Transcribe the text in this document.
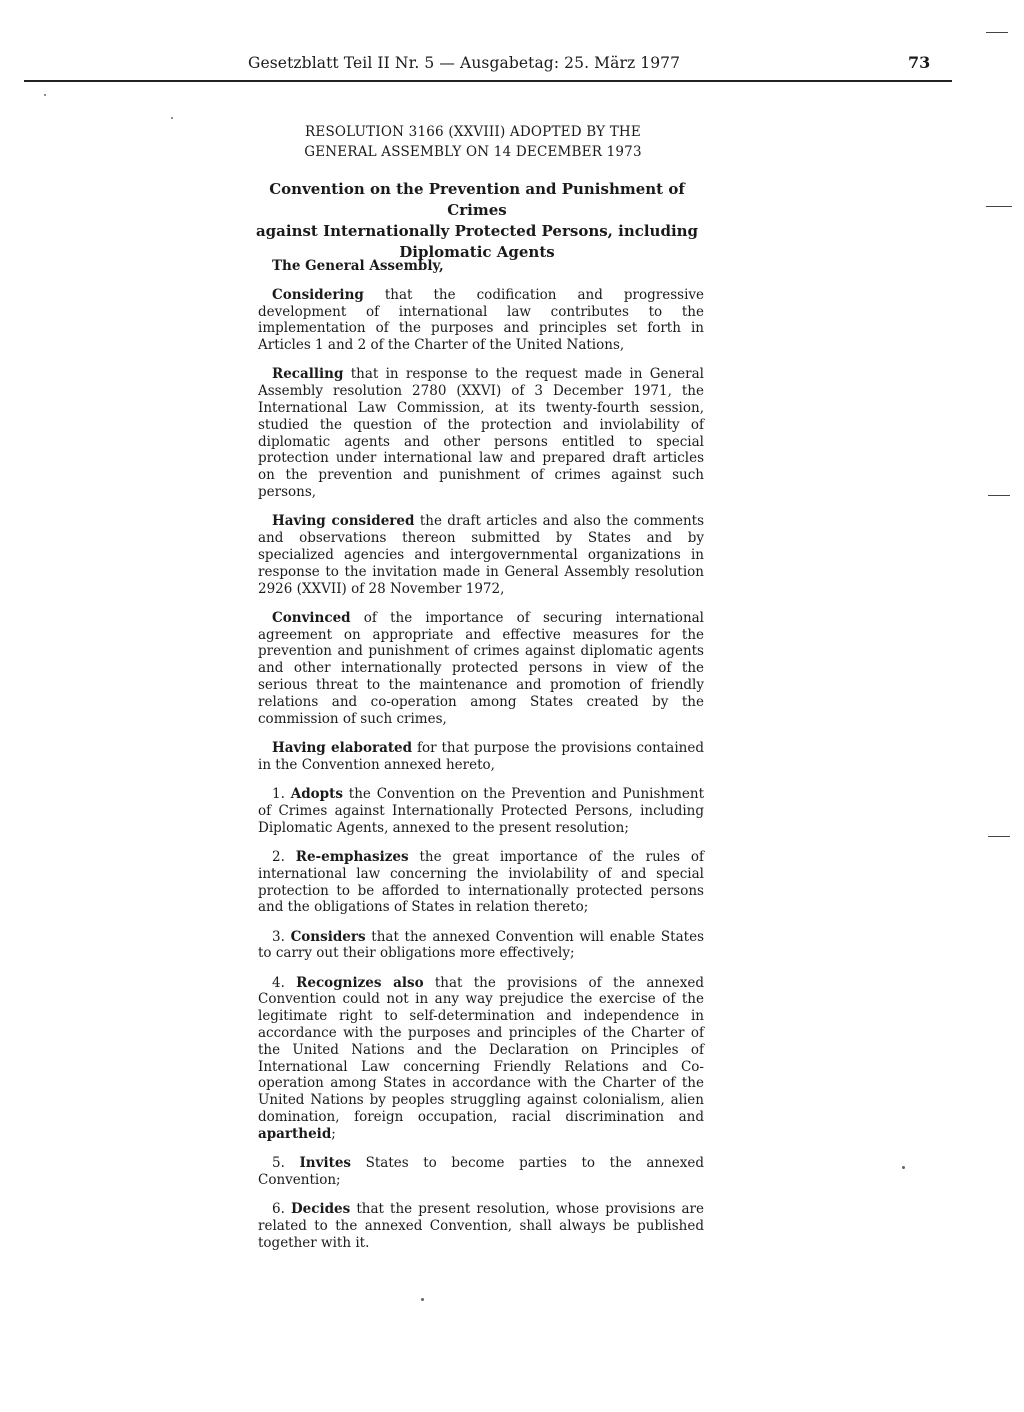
Gesetzblatt Teil II Nr. 5 — Ausgabetag: 25. März 1977	73
RESOLUTION 3166 (XXVIII) ADOPTED BY THE
GENERAL ASSEMBLY ON 14 DECEMBER 1973
Convention on the Prevention and Punishment of Crimes
against Internationally Protected Persons, including
Diplomatic Agents

The General Assembly,

Considering that the codification and progressive development of international law contributes to the implementation of the purposes and principles set forth in Articles 1 and 2 of the Charter of the United Nations,

Recalling that in response to the request made in General Assembly resolution 2780 (XXVI) of 3 December 1971, the International Law Commission, at its twenty-fourth session, studied the question of the protection and inviolability of diplomatic agents and other persons entitled to special protection under international law and prepared draft articles on the prevention and punishment of crimes against such persons,

Having considered the draft articles and also the comments and observations thereon submitted by States and by specialized agencies and intergovernmental organizations in response to the invitation made in General Assembly resolution 2926 (XXVII) of 28 November 1972,

Convinced of the importance of securing international agreement on appropriate and effective measures for the prevention and punishment of crimes against diplomatic agents and other internationally protected persons in view of the serious threat to the maintenance and promotion of friendly relations and co-operation among States created by the commission of such crimes,

Having elaborated for that purpose the provisions contained in the Convention annexed hereto,

1. Adopts the Convention on the Prevention and Punishment of Crimes against Internationally Protected Persons, including Diplomatic Agents, annexed to the present resolution;

2. Re-emphasizes the great importance of the rules of international law concerning the inviolability of and special protection to be afforded to internationally protected persons and the obligations of States in relation thereto;

3. Considers that the annexed Convention will enable States to carry out their obligations more effectively;

4. Recognizes also that the provisions of the annexed Convention could not in any way prejudice the exercise of the legitimate right to self-determination and independence in accordance with the purposes and principles of the Charter of the United Nations and the Declaration on Principles of International Law concerning Friendly Relations and Co-operation among States in accordance with the Charter of the United Nations by peoples struggling against colonialism, alien domination, foreign occupation, racial discrimination and apartheid;

5. Invites States to become parties to the annexed Convention;

6. Decides that the present resolution, whose provisions are related to the annexed Convention, shall always be published together with it.
